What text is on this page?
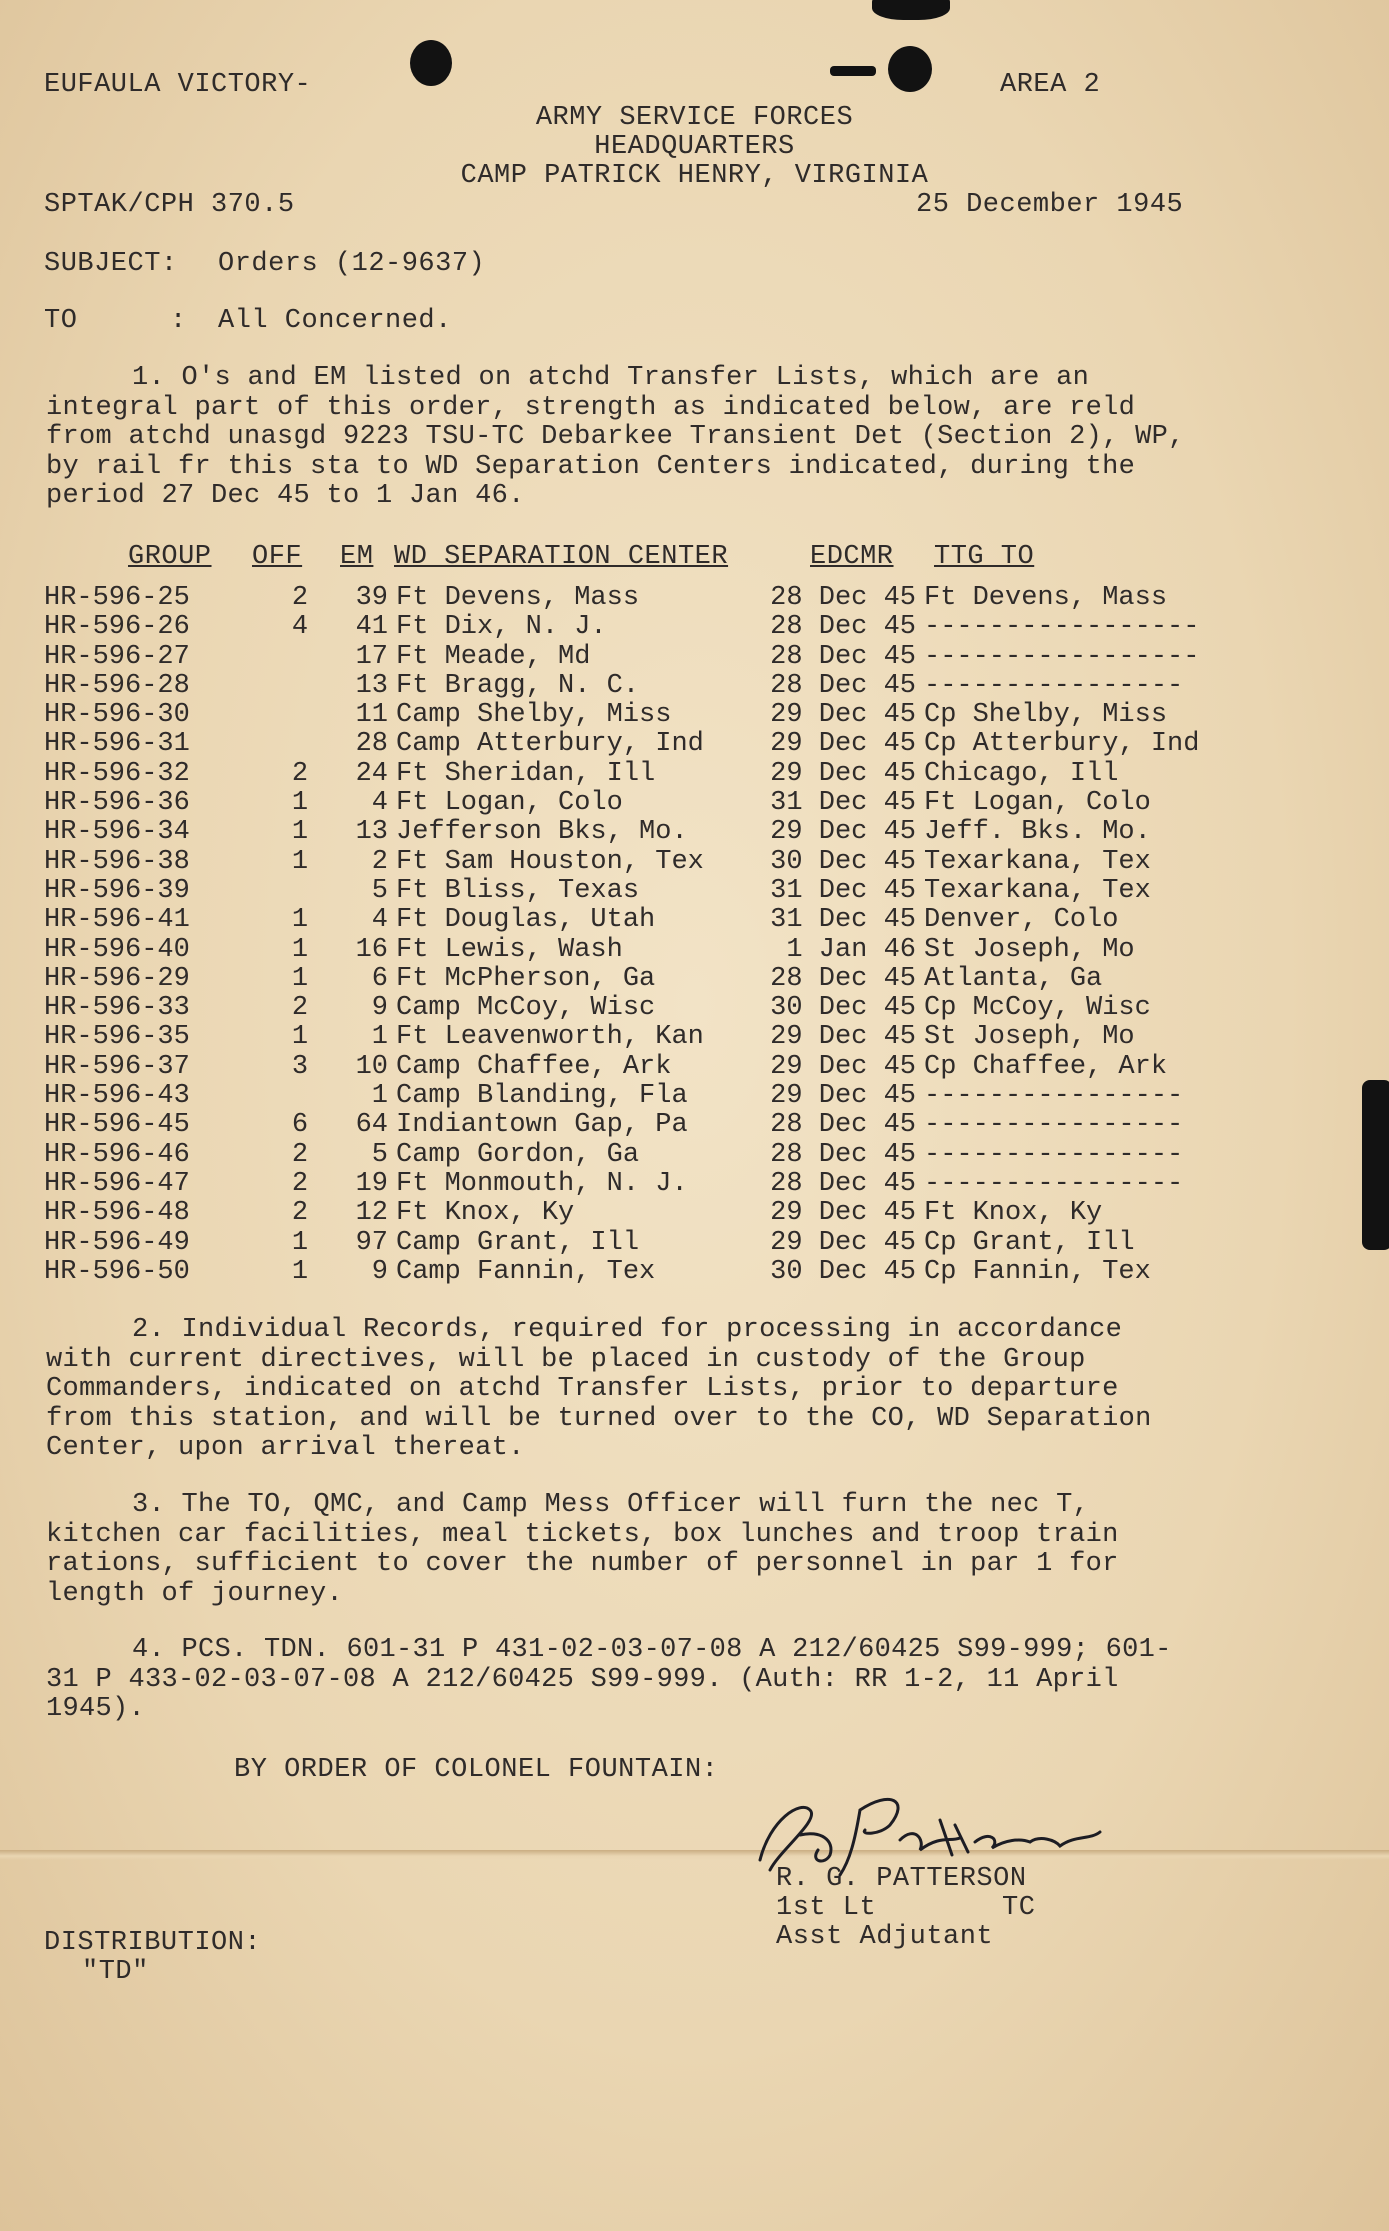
EUFAULA VICTORY-	AREA 2
ARMY SERVICE FORCES
HEADQUARTERS
CAMP PATRICK HENRY, VIRGINIA
SPTAK/CPH 370.5	25 December 1945
SUBJECT: Orders (12-9637)
TO	: All Concerned.
1. O's and EM listed on atchd Transfer Lists, which are an
integral part of this order, strength as indicated below, are reld
from atchd unasgd 9223 TSU-TC Debarkee Transient Det (Section 2), WP,
by rail fr this sta to WD Separation Centers indicated, during the
period 27 Dec 45 to 1 Jan 46.
GROUP OFF EM WD SEPARATION CENTER	EDCMR TTG TO
HR-596-25	2	39	Ft Devens, Mass	28 Dec 45	Ft Devens, Mass
HR-596-26	4	41	Ft Dix, N. J.	28 Dec 45	-----------------
HR-596-27		17	Ft Meade, Md	28 Dec 45	-----------------
HR-596-28		13	Ft Bragg, N. C.	28 Dec 45	----------------
HR-596-30		11	Camp Shelby, Miss	29 Dec 45	Cp Shelby, Miss
HR-596-31		28	Camp Atterbury, Ind	29 Dec 45	Cp Atterbury, Ind
HR-596-32	2	24	Ft Sheridan, Ill	29 Dec 45	Chicago, Ill
HR-596-36	1	4	Ft Logan, Colo	31 Dec 45	Ft Logan, Colo
HR-596-34	1	13	Jefferson Bks, Mo.	29 Dec 45	Jeff. Bks. Mo.
HR-596-38	1	2	Ft Sam Houston, Tex	30 Dec 45	Texarkana, Tex
HR-596-39		5	Ft Bliss, Texas	31 Dec 45	Texarkana, Tex
HR-596-41	1	4	Ft Douglas, Utah	31 Dec 45	Denver, Colo
HR-596-40	1	16	Ft Lewis, Wash	1 Jan 46	St Joseph, Mo
HR-596-29	1	6	Ft McPherson, Ga	28 Dec 45	Atlanta, Ga
HR-596-33	2	9	Camp McCoy, Wisc	30 Dec 45	Cp McCoy, Wisc
HR-596-35	1	1	Ft Leavenworth, Kan	29 Dec 45	St Joseph, Mo
HR-596-37	3	10	Camp Chaffee, Ark	29 Dec 45	Cp Chaffee, Ark
HR-596-43		1	Camp Blanding, Fla	29 Dec 45	----------------
HR-596-45	6	64	Indiantown Gap, Pa	28 Dec 45	----------------
HR-596-46	2	5	Camp Gordon, Ga	28 Dec 45	----------------
HR-596-47	2	19	Ft Monmouth, N. J.	28 Dec 45	----------------
HR-596-48	2	12	Ft Knox, Ky	29 Dec 45	Ft Knox, Ky
HR-596-49	1	97	Camp Grant, Ill	29 Dec 45	Cp Grant, Ill
HR-596-50	1	9	Camp Fannin, Tex	30 Dec 45	Cp Fannin, Tex
2. Individual Records, required for processing in accordance
with current directives, will be placed in custody of the Group
Commanders, indicated on atchd Transfer Lists, prior to departure
from this station, and will be turned over to the CO, WD Separation
Center, upon arrival thereat.
3. The TO, QMC, and Camp Mess Officer will furn the nec T,
kitchen car facilities, meal tickets, box lunches and troop train
rations, sufficient to cover the number of personnel in par 1 for
length of journey.
4. PCS. TDN. 601-31 P 431-02-03-07-08 A 212/60425 S99-999; 601-
31 P 433-02-03-07-08 A 212/60425 S99-999. (Auth: RR 1-2, 11 April
1945).
BY ORDER OF COLONEL FOUNTAIN:
R. G. PATTERSON
1st Lt	TC
Asst Adjutant
DISTRIBUTION:
"TD"
